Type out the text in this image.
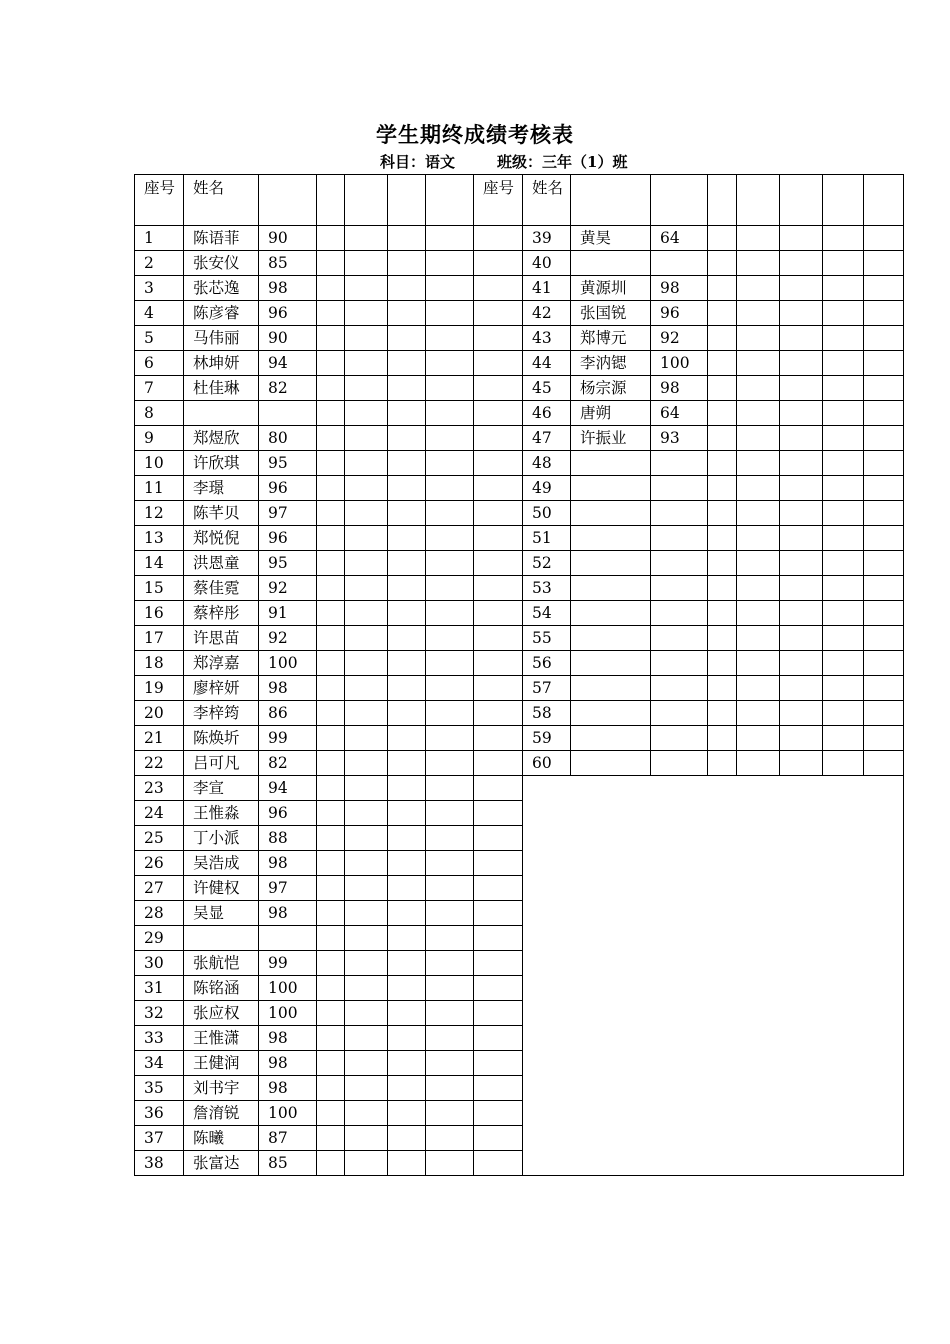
学生期终成绩考核表
科目：语文	班级：三年（1）班
座号	姓名						座号	姓名							
1	陈语菲	90						39	黄昊	64					
2	张安仪	85						40							
3	张芯逸	98						41	黄源圳	98					
4	陈彦睿	96						42	张国锐	96					
5	马伟丽	90						43	郑博元	92					
6	林坤妍	94						44	李汭锶	100					
7	杜佳琳	82						45	杨宗源	98					
8								46	唐朔	64					
9	郑煜欣	80						47	许振业	93					
10	许欣琪	95						48							
11	李璟	96						49							
12	陈芊贝	97						50							
13	郑悦倪	96						51							
14	洪恩童	95						52							
15	蔡佳霓	92						53							
16	蔡梓彤	91						54							
17	许思苗	92						55							
18	郑淳嘉	100						56							
19	廖梓妍	98						57							
20	李梓筠	86						58							
21	陈焕圻	99						59							
22	吕可凡	82						60							
23	李宣	94													
24	王惟淼	96													
25	丁小派	88													
26	吴浩成	98													
27	许健权	97													
28	吴显	98													
29															
30	张航恺	99													
31	陈铭涵	100													
32	张应权	100													
33	王惟潇	98													
34	王健润	98													
35	刘书宇	98													
36	詹淯锐	100													
37	陈曦	87													
38	张富达	85													
